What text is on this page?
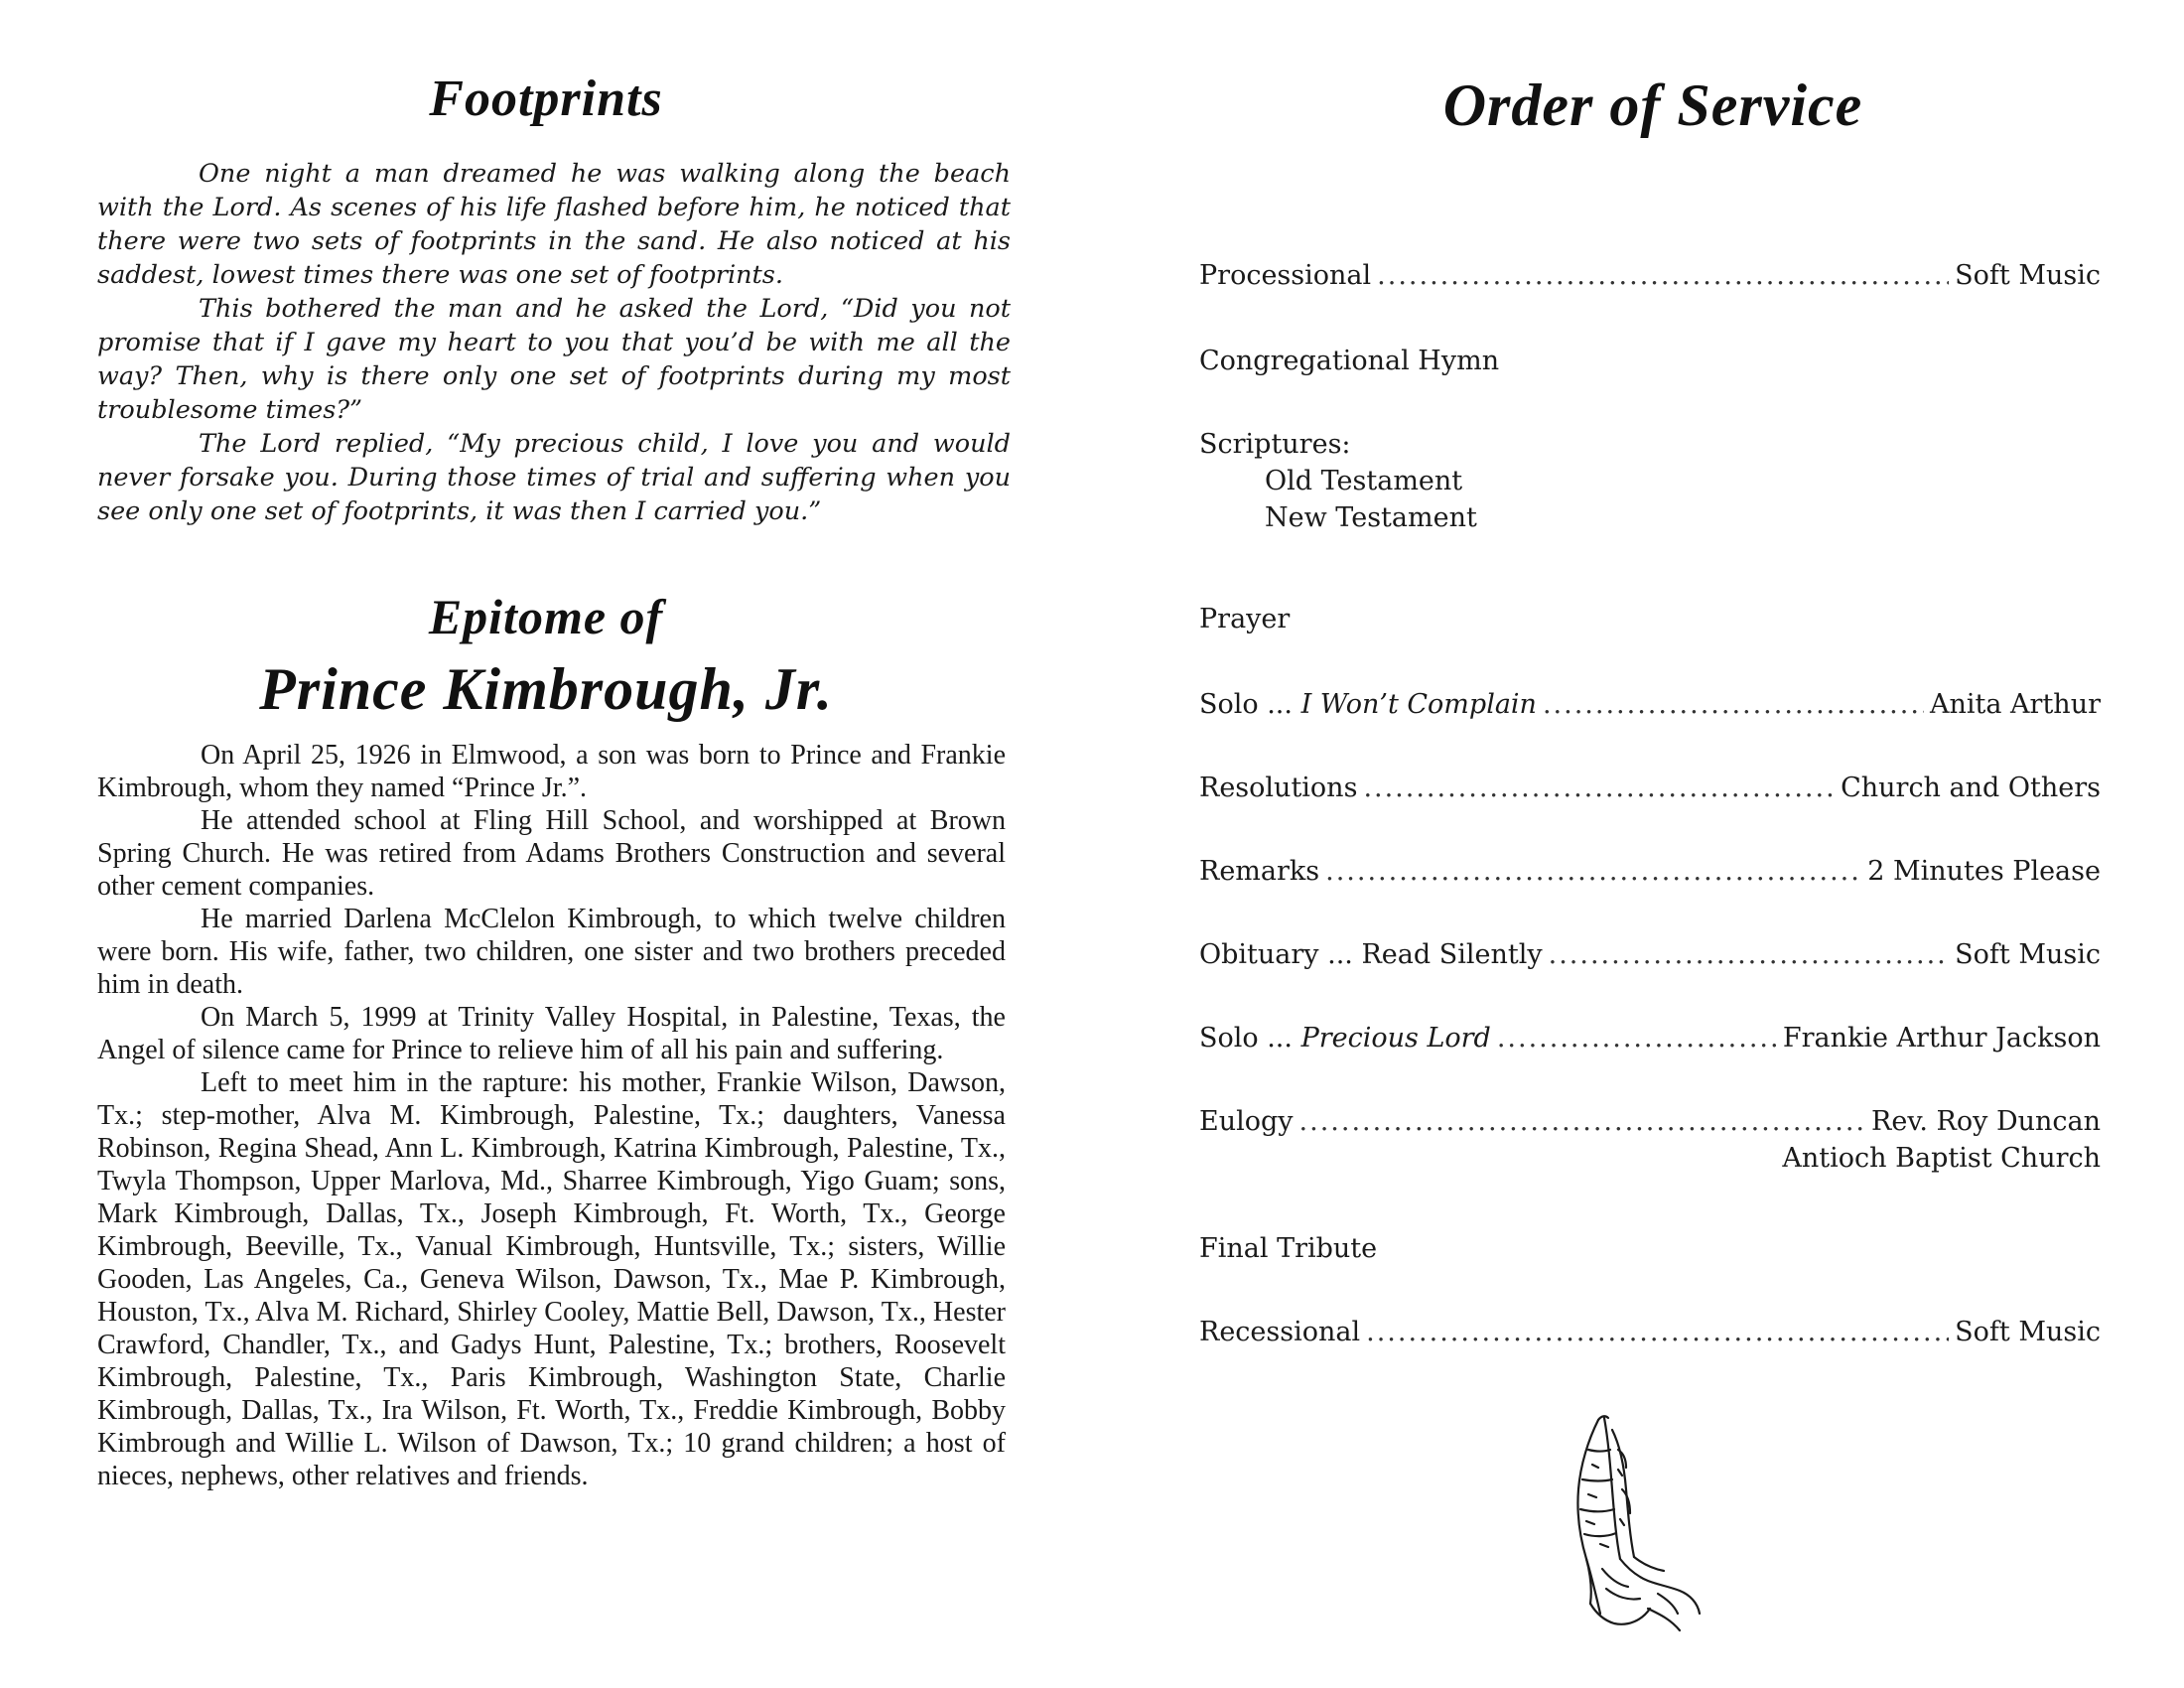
Footprints

One night a man dreamed he was walking along the beach with the Lord. As scenes of his life flashed before him, he noticed that there were two sets of footprints in the sand. He also noticed at his saddest, lowest times there was one set of footprints.

This bothered the man and he asked the Lord, “Did you not promise that if I gave my heart to you that you’d be with me all the way? Then, why is there only one set of footprints during my most troublesome times?”

The Lord replied, “My precious child, I love you and would never forsake you. During those times of trial and suffering when you see only one set of footprints, it was then I carried you.”

Epitome of
Prince Kimbrough, Jr.

On April 25, 1926 in Elmwood, a son was born to Prince and Frankie Kimbrough, whom they named “Prince Jr.”.

He attended school at Fling Hill School, and worshipped at Brown Spring Church. He was retired from Adams Brothers Construction and several other cement companies.

He married Darlena McClelon Kimbrough, to which twelve children were born. His wife, father, two children, one sister and two brothers preceded him in death.

On March 5, 1999 at Trinity Valley Hospital, in Palestine, Texas, the Angel of silence came for Prince to relieve him of all his pain and suffering.

Left to meet him in the rapture: his mother, Frankie Wilson, Dawson, Tx.; step-mother, Alva M. Kimbrough, Palestine, Tx.; daughters, Vanessa Robinson, Regina Shead, Ann L. Kimbrough, Katrina Kimbrough, Palestine, Tx., Twyla Thompson, Upper Marlova, Md., Sharree Kimbrough, Yigo Guam; sons, Mark Kimbrough, Dallas, Tx., Joseph Kimbrough, Ft. Worth, Tx., George Kimbrough, Beeville, Tx., Vanual Kimbrough, Huntsville, Tx.; sisters, Willie Gooden, Las Angeles, Ca., Geneva Wilson, Dawson, Tx., Mae P. Kimbrough, Houston, Tx., Alva M. Richard, Shirley Cooley, Mattie Bell, Dawson, Tx., Hester Crawford, Chandler, Tx., and Gadys Hunt, Palestine, Tx.; brothers, Roosevelt Kimbrough, Palestine, Tx., Paris Kimbrough, Washington State, Charlie Kimbrough, Dallas, Tx., Ira Wilson, Ft. Worth, Tx., Freddie Kimbrough, Bobby Kimbrough and Willie L. Wilson of Dawson, Tx.; 10 grand children; a host of nieces, nephews, other relatives and friends.

Order of Service
Processional .....	Soft Music
Congregational Hymn
Scriptures:
Old Testament
New Testament
Prayer
Solo ... I Won’t Complain .....	Anita Arthur
Resolutions .....	Church and Others
Remarks .....	2 Minutes Please
Obituary ... Read Silently .....	Soft Music
Solo ... Precious Lord .....	Frankie Arthur Jackson
Eulogy .....	Rev. Roy Duncan
Antioch Baptist Church
Final Tribute
Recessional .....	Soft Music
